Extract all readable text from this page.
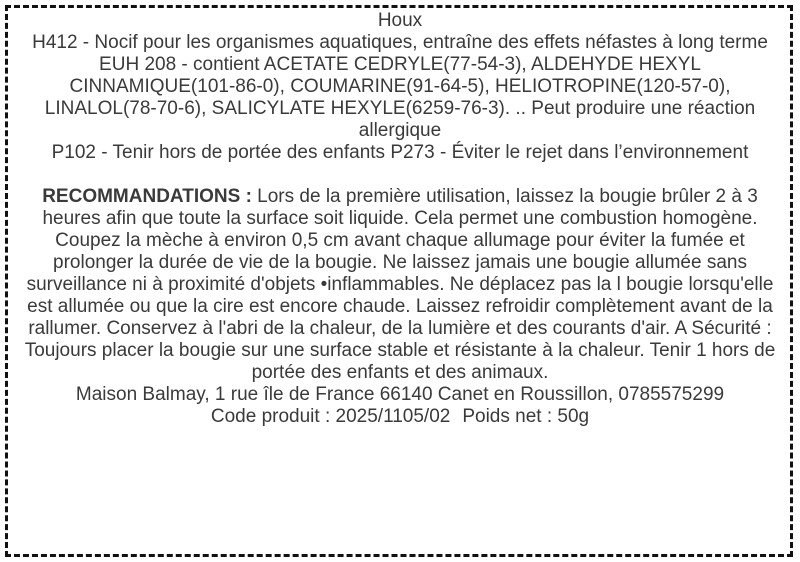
Houx

H412 - Nocif pour les organismes aquatiques, entraîne des effets néfastes à long terme

EUH 208 - contient ACETATE CEDRYLE(77-54-3), ALDEHYDE HEXYL CINNAMIQUE(101-86-0), COUMARINE(91-64-5), HELIOTROPINE(120-57-0), LINALOL(78-70-6), SALICYLATE HEXYLE(6259-76-3). .. Peut produire une réaction allergique

P102 - Tenir hors de portée des enfants P273 - Éviter le rejet dans l’environnement

RECOMMANDATIONS : Lors de la première utilisation, laissez la bougie brûler 2 à 3 heures afin que toute la surface soit liquide. Cela permet une combustion homogène. Coupez la mèche à environ 0,5 cm avant chaque allumage pour éviter la fumée et prolonger la durée de vie de la bougie. Ne laissez jamais une bougie allumée sans surveillance ni à proximité d'objets •inflammables. Ne déplacez pas la l bougie lorsqu'elle est allumée ou que la cire est encore chaude. Laissez refroidir complètement avant de la rallumer. Conservez à l'abri de la chaleur, de la lumière et des courants d'air. A Sécurité : Toujours placer la bougie sur une surface stable et résistante à la chaleur. Tenir 1 hors de portée des enfants et des animaux.

Maison Balmay, 1 rue île de France 66140 Canet en Roussillon, 0785575299

Code produit : 2025/1105/02 Poids net : 50g
